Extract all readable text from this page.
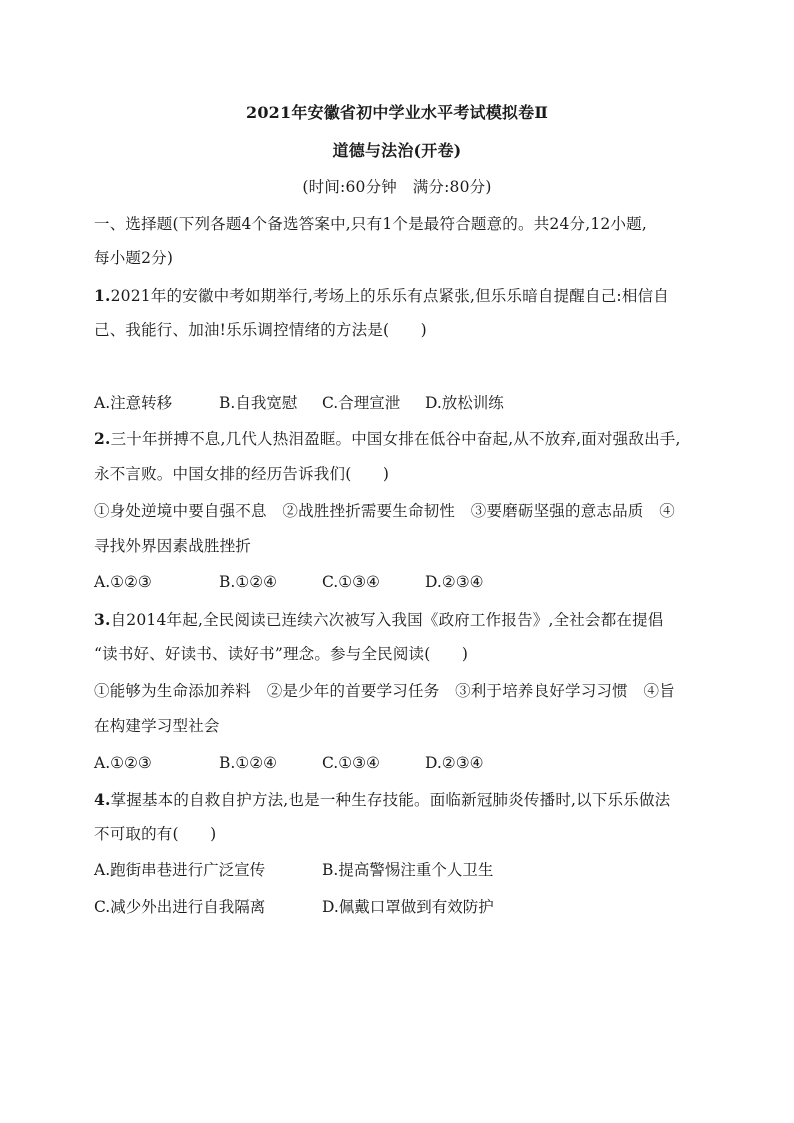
2021年安徽省初中学业水平考试模拟卷Ⅱ
道德与法治(开卷)
(时间:60分钟　满分:80分)
一、选择题(下列各题4个备选答案中,只有1个是最符合题意的。共24分,12小题,
每小题2分)
1.2021年的安徽中考如期举行,考场上的乐乐有点紧张,但乐乐暗自提醒自己:相信自
己、我能行、加油!乐乐调控情绪的方法是(　　)
A.注意转移	B.自我宽慰 C.合理宣泄 D.放松训练
2.三十年拼搏不息,几代人热泪盈眶。中国女排在低谷中奋起,从不放弃,面对强敌出手,
永不言败。中国女排的经历告诉我们(　　)
①身处逆境中要自强不息　②战胜挫折需要生命韧性　③要磨砺坚强的意志品质　④
寻找外界因素战胜挫折
A.①②③	B.①②④	C.①③④	D.②③④
3.自2014年起,全民阅读已连续六次被写入我国《政府工作报告》,全社会都在提倡
“读书好、好读书、读好书”理念。参与全民阅读(　　)
①能够为生命添加养料　②是少年的首要学习任务　③利于培养良好学习习惯　④旨
在构建学习型社会
A.①②③	B.①②④	C.①③④	D.②③④
4.掌握基本的自救自护方法,也是一种生存技能。面临新冠肺炎传播时,以下乐乐做法
不可取的有(　　)
A.跑街串巷进行广泛宣传	B.提高警惕注重个人卫生
C.减少外出进行自我隔离	D.佩戴口罩做到有效防护
